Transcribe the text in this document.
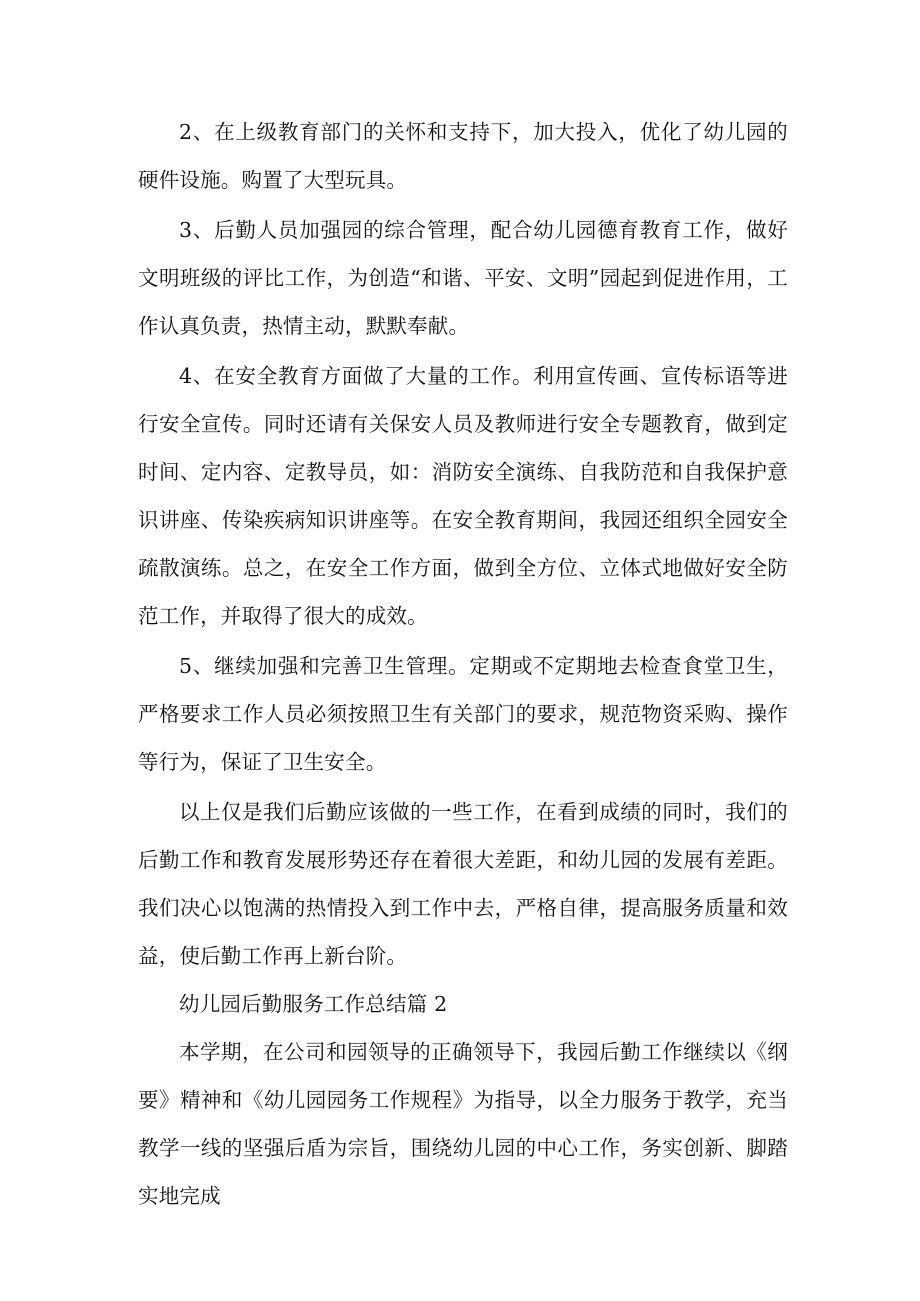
2、在上级教育部门的关怀和支持下，加大投入，优化了幼儿园的硬件设施。购置了大型玩具。

3、后勤人员加强园的综合管理，配合幼儿园德育教育工作，做好文明班级的评比工作，为创造“和谐、平安、文明”园起到促进作用，工作认真负责，热情主动，默默奉献。

4、在安全教育方面做了大量的工作。利用宣传画、宣传标语等进行安全宣传。同时还请有关保安人员及教师进行安全专题教育，做到定时间、定内容、定教导员，如：消防安全演练、自我防范和自我保护意识讲座、传染疾病知识讲座等。在安全教育期间，我园还组织全园安全疏散演练。总之，在安全工作方面，做到全方位、立体式地做好安全防范工作，并取得了很大的成效。

5、继续加强和完善卫生管理。定期或不定期地去检查食堂卫生，严格要求工作人员必须按照卫生有关部门的要求，规范物资采购、操作等行为，保证了卫生安全。

以上仅是我们后勤应该做的一些工作，在看到成绩的同时，我们的后勤工作和教育发展形势还存在着很大差距，和幼儿园的发展有差距。我们决心以饱满的热情投入到工作中去，严格自律，提高服务质量和效益，使后勤工作再上新台阶。

幼儿园后勤服务工作总结篇 2

本学期，在公司和园领导的正确领导下，我园后勤工作继续以《纲要》精神和《幼儿园园务工作规程》为指导，以全力服务于教学，充当教学一线的坚强后盾为宗旨，围绕幼儿园的中心工作，务实创新、脚踏实地完成
